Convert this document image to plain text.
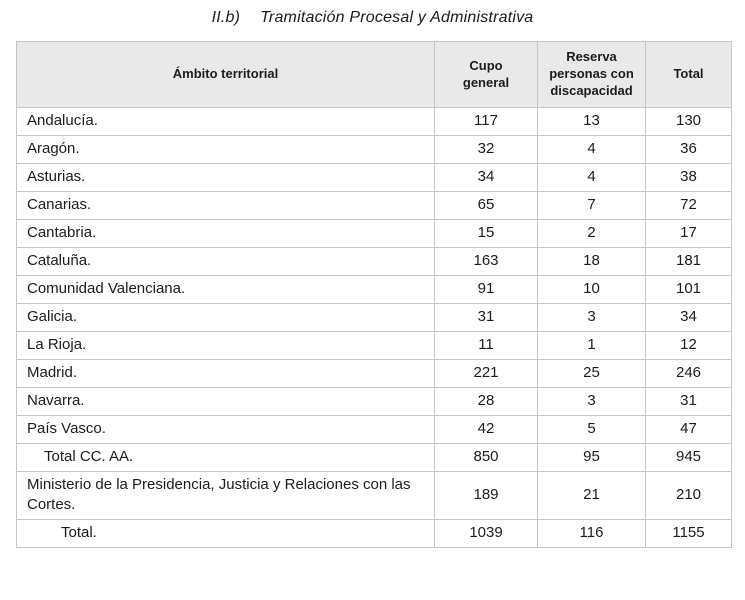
II.b) Tramitación Procesal y Administrativa
Ámbito territorial	Cupo general	Reserva personas con discapacidad	Total
Andalucía.	117	13	130
Aragón.	32	4	36
Asturias.	34	4	38
Canarias.	65	7	72
Cantabria.	15	2	17
Cataluña.	163	18	181
Comunidad Valenciana.	91	10	101
Galicia.	31	3	34
La Rioja.	11	1	12
Madrid.	221	25	246
Navarra.	28	3	31
País Vasco.	42	5	47
Total CC. AA.	850	95	945
Ministerio de la Presidencia, Justicia y Relaciones con las Cortes.	189	21	210
Total.	1039	116	1155
